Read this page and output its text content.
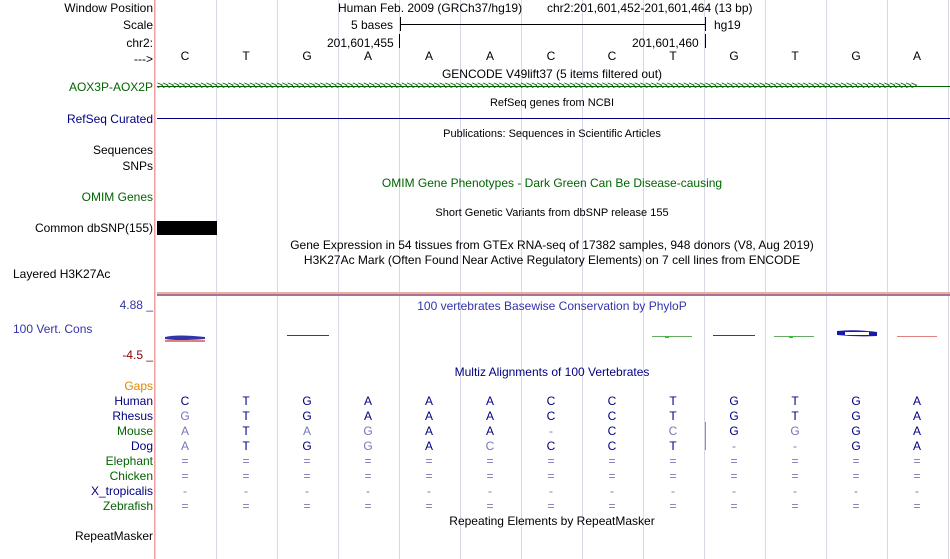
Window Position
Scale
chr2:
--->
Human Feb. 2009 (GRCh37/hg19) chr2:201,601,452-201,601,464 (13 bp)
5 bases	hg19
201,601,455	201,601,460
C	T	G	A	A	A	C	C	T	G	T	G	A
GENCODE V49lift37 (5 items filtered out)
AOX3P-AOX2P >>>>>>>>>>>>>>>>>>>>>>>>>>>>>>>>>>>>>>>>>>>>>>>>>>>>>>>>>>>>>>>>>>>>>>>>>>>>>>>>>>>>>>>>>>>>>>>>>>>>>>>>>>>>>>>>>>>>>>>>>>>>>>>>>>>>>>>>>>>>
RefSeq genes from NCBI
RefSeq Curated
Publications: Sequences in Scientific Articles
Sequences
SNPs
OMIM Gene Phenotypes - Dark Green Can Be Disease-causing
OMIM Genes
Short Genetic Variants from dbSNP release 155
Common dbSNP(155)
Gene Expression in 54 tissues from GTEx RNA-seq of 17382 samples, 948 donors (V8, Aug 2019)
H3K27Ac Mark (Often Found Near Active Regulatory Elements) on 7 cell lines from ENCODE
Layered H3K27Ac
100 vertebrates Basewise Conservation by PhyloP
4.88 _
100 Vert. Cons
-4.5 _
Multiz Alignments of 100 Vertebrates
Gaps
Human	C	T	G	A	A	A	C	C	T	G	T	G	A
Rhesus	G	T	G	A	A	A	C	C	T	G	T	G	A
Mouse	A	T	A	G	A	A	-	C	C	G	G	G	A
Dog	A	T	G	G	A	C	C	C	T	-	-	G	A
Elephant	=	=	=	=	=	=	=	=	=	=	=	=	=
Chicken	=	=	=	=	=	=	=	=	=	=	=	=	=
X_tropicalis	-	-	-	-	-	-	-	-	-	-	-	-	-
Zebrafish	=	=	=	=	=	=	=	=	=	=	=	=	=
Repeating Elements by RepeatMasker
RepeatMasker
